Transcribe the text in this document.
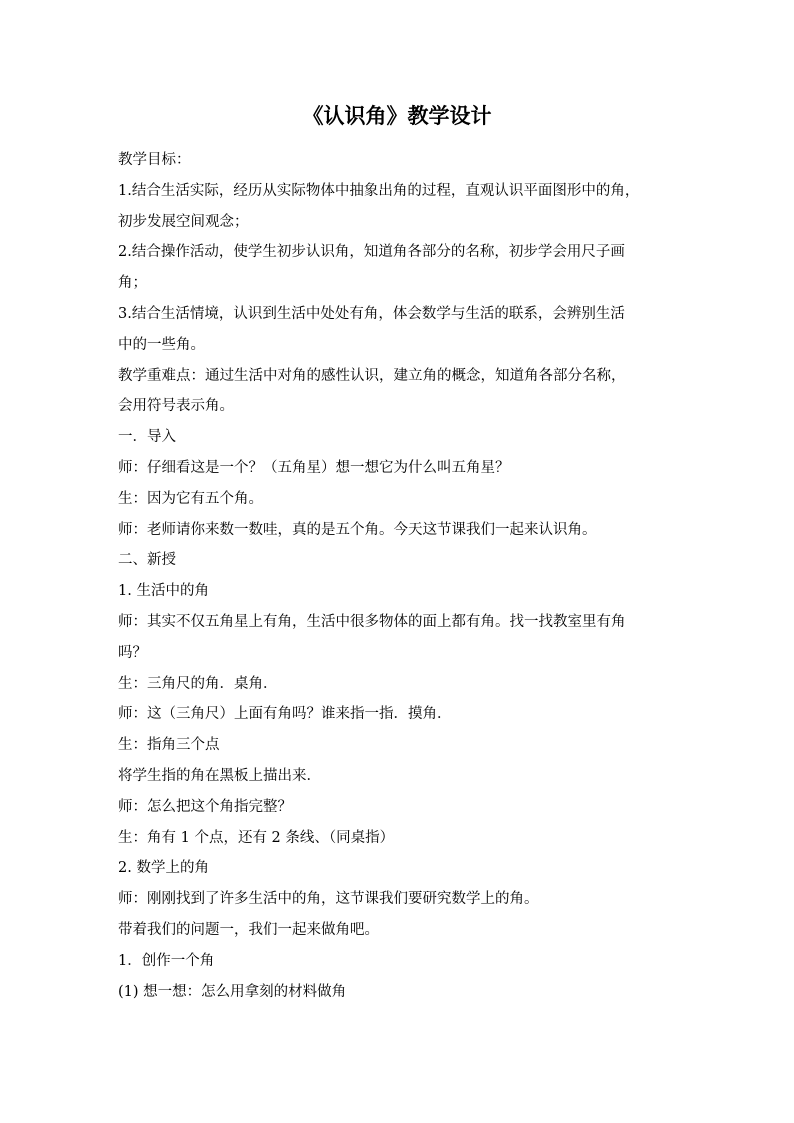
《认识角》教学设计
教学目标：
1.结合生活实际，经历从实际物体中抽象出角的过程，直观认识平面图形中的角，
初步发展空间观念；
2.结合操作活动，使学生初步认识角，知道角各部分的名称，初步学会用尺子画
角；
3.结合生活情境，认识到生活中处处有角，体会数学与生活的联系，会辨别生活
中的一些角。
教学重难点：通过生活中对角的感性认识，建立角的概念，知道角各部分名称，
会用符号表示角。
一．导入
师：仔细看这是一个？（五角星）想一想它为什么叫五角星？
生：因为它有五个角。
师：老师请你来数一数哇，真的是五个角。今天这节课我们一起来认识角。
二、新授
1. 生活中的角
师：其实不仅五角星上有角，生活中很多物体的面上都有角。找一找教室里有角
吗？
生：三角尺的角．桌角．
师：这（三角尺）上面有角吗？谁来指一指．摸角．
生：指角三个点
将学生指的角在黑板上描出来．
师：怎么把这个角指完整？
生：角有 1 个点，还有 2 条线、（同桌指）
2. 数学上的角
师：刚刚找到了许多生活中的角，这节课我们要研究数学上的角。
带着我们的问题一，我们一起来做角吧。
1．创作一个角
(1) 想一想：怎么用拿刻的材料做角
